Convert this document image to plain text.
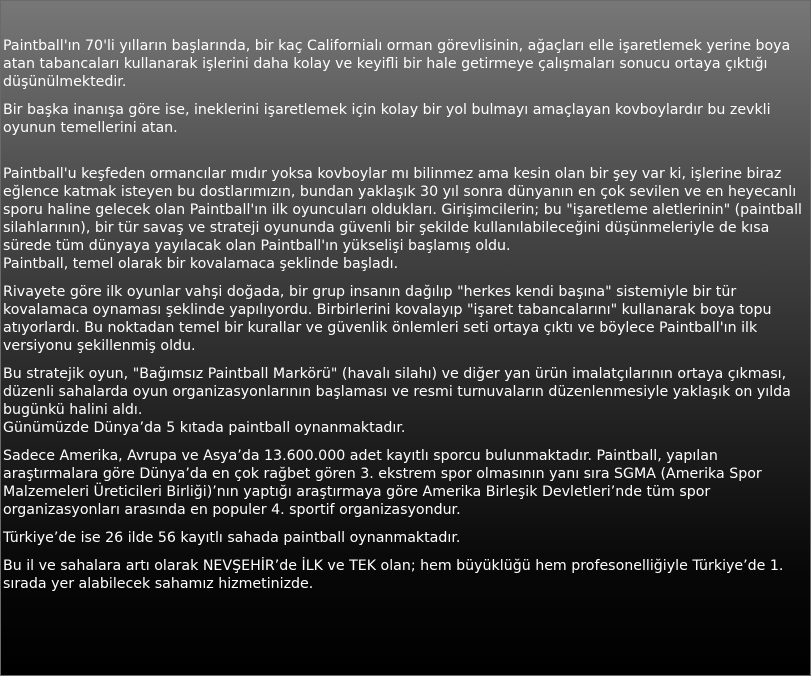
Paintball'ın 70'li yılların başlarında, bir kaç Californialı orman görevlisinin, ağaçları elle işaretlemek yerine boya atan tabancaları kullanarak işlerini daha kolay ve keyifli bir hale getirmeye çalışmaları sonucu ortaya çıktığı düşünülmektedir.

Bir başka inanışa göre ise, ineklerini işaretlemek için kolay bir yol bulmayı amaçlayan kovboylardır bu zevkli oyunun temellerini atan.

Paintball'u keşfeden ormancılar mıdır yoksa kovboylar mı bilinmez ama kesin olan bir şey var ki, işlerine biraz eğlence katmak isteyen bu dostlarımızın, bundan yaklaşık 30 yıl sonra dünyanın en çok sevilen ve en heyecanlı sporu haline gelecek olan Paintball'ın ilk oyuncuları oldukları. Girişimcilerin; bu "işaretleme aletlerinin" (paintball silahlarının), bir tür savaş ve strateji oyununda güvenli bir şekilde kullanılabileceğini düşünmeleriyle de kısa sürede tüm dünyaya yayılacak olan Paintball'ın yükselişi başlamış oldu.
Paintball, temel olarak bir kovalamaca şeklinde başladı.

Rivayete göre ilk oyunlar vahşi doğada, bir grup insanın dağılıp "herkes kendi başına" sistemiyle bir tür kovalamaca oynaması şeklinde yapılıyordu. Birbirlerini kovalayıp "işaret tabancalarını" kullanarak boya topu atıyorlardı. Bu noktadan temel bir kurallar ve güvenlik önlemleri seti ortaya çıktı ve böylece Paintball'ın ilk versiyonu şekillenmiş oldu.

Bu stratejik oyun, "Bağımsız Paintball Markörü" (havalı silahı) ve diğer yan ürün imalatçılarının ortaya çıkması, düzenli sahalarda oyun organizasyonlarının başlaması ve resmi turnuvaların düzenlenmesiyle yaklaşık on yılda bugünkü halini aldı.
Günümüzde Dünya’da 5 kıtada paintball oynanmaktadır.

Sadece Amerika, Avrupa ve Asya’da 13.600.000 adet kayıtlı sporcu bulunmaktadır. Paintball, yapılan araştırmalara göre Dünya’da en çok rağbet gören 3. ekstrem spor olmasının yanı sıra SGMA (Amerika Spor Malzemeleri Üreticileri Birliği)’nın yaptığı araştırmaya göre Amerika Birleşik Devletleri’nde tüm spor organizasyonları arasında en populer 4. sportif organizasyondur.

Türkiye’de ise 26 ilde 56 kayıtlı sahada paintball oynanmaktadır.

Bu il ve sahalara artı olarak NEVŞEHİR’de İLK ve TEK olan; hem büyüklüğü hem profesonelliğiyle Türkiye’de 1. sırada yer alabilecek sahamız hizmetinizde.
